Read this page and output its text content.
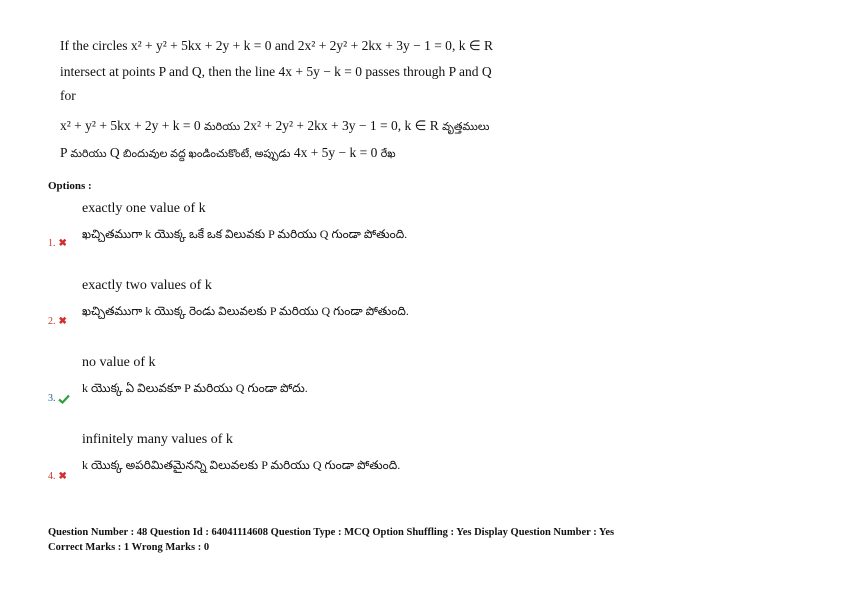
If the circles x² + y² + 5kx + 2y + k = 0 and 2x² + 2y² + 2kx + 3y − 1 = 0, k ∈ R
intersect at points P and Q, then the line 4x + 5y − k = 0 passes through P and Q
for
x² + y² + 5kx + 2y + k = 0 మరియు 2x² + 2y² + 2kx + 3y − 1 = 0, k ∈ R వృత్తములు
P మరియు Q బిందువుల వద్ద ఖండించుకొంటే, అప్పుడు 4x + 5y − k = 0 రేఖ
Options :
exactly one value of k
ఖచ్చితముగా k యొక్క ఒకే ఒక విలువకు P మరియు Q గుండా పోతుంది.
1. ✖
exactly two values of k
ఖచ్చితముగా k యొక్క రెండు విలువలకు P మరియు Q గుండా పోతుంది.
2. ✖
no value of k
k యొక్క ఏ విలువకూ P మరియు Q గుండా పోదు.
3.
infinitely many values of k
k యొక్క అపరిమితమైనన్ని విలువలకు P మరియు Q గుండా పోతుంది.
4. ✖
Question Number : 48 Question Id : 64041114608 Question Type : MCQ Option Shuffling : Yes Display Question Number : Yes
Correct Marks : 1 Wrong Marks : 0
